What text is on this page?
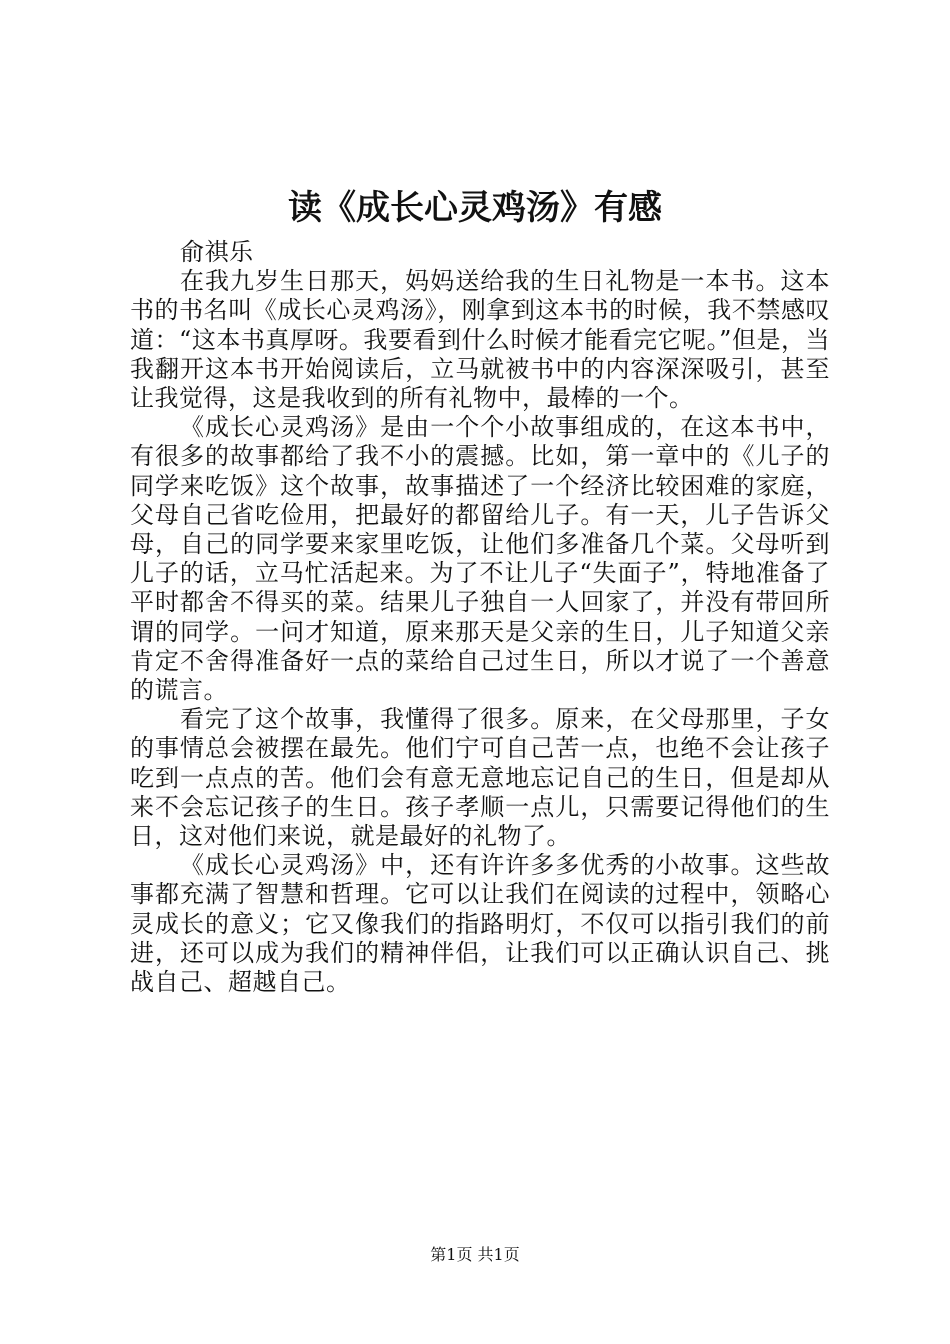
读《成长心灵鸡汤》有感

俞祺乐

在我九岁生日那天，妈妈送给我的生日礼物是一本书。这本书的书名叫《成长心灵鸡汤》，刚拿到这本书的时候，我不禁感叹道：“这本书真厚呀。我要看到什么时候才能看完它呢。”但是，当我翻开这本书开始阅读后，立马就被书中的内容深深吸引，甚至让我觉得，这是我收到的所有礼物中，最棒的一个。

《成长心灵鸡汤》是由一个个小故事组成的，在这本书中，有很多的故事都给了我不小的震撼。比如，第一章中的《儿子的同学来吃饭》这个故事，故事描述了一个经济比较困难的家庭，父母自己省吃俭用，把最好的都留给儿子。有一天，儿子告诉父母，自己的同学要来家里吃饭，让他们多准备几个菜。父母听到儿子的话，立马忙活起来。为了不让儿子“失面子”，特地准备了平时都舍不得买的菜。结果儿子独自一人回家了，并没有带回所谓的同学。一问才知道，原来那天是父亲的生日，儿子知道父亲肯定不舍得准备好一点的菜给自己过生日，所以才说了一个善意的谎言。

看完了这个故事，我懂得了很多。原来，在父母那里，子女的事情总会被摆在最先。他们宁可自己苦一点，也绝不会让孩子吃到一点点的苦。他们会有意无意地忘记自己的生日，但是却从来不会忘记孩子的生日。孩子孝顺一点儿，只需要记得他们的生日，这对他们来说，就是最好的礼物了。

《成长心灵鸡汤》中，还有许许多多优秀的小故事。这些故事都充满了智慧和哲理。它可以让我们在阅读的过程中，领略心灵成长的意义；它又像我们的指路明灯，不仅可以指引我们的前进，还可以成为我们的精神伴侣，让我们可以正确认识自己、挑战自己、超越自己。

第1页 共1页
